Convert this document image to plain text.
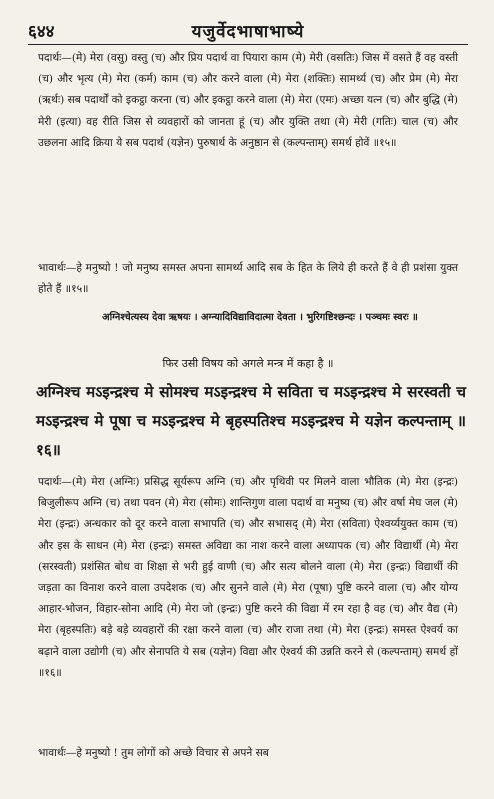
६४४	यजुर्वेदभाषाभाष्ये

पदार्थः—(मे) मेरा (वसु) वस्तु (च) और प्रिय पदार्थ वा पियारा काम (मे) मेरी (वसतिः) जिस में वसते हैं वह वस्ती (च) और भृत्य (मे) मेरा (कर्म) काम (च) और करने वाला (मे) मेरा (शक्तिः) सामर्थ्य (च) और प्रेम (मे) मेरा (ऋर्थः) सब पदार्थों को इकट्ठा करना (च) और इकट्ठा करने वाला (मे) मेरा (एमः) अच्छा यत्न (च) और बुद्धि (मे) मेरी (इत्या) वह रीति जिस से व्यवहारों को जानता हूं (च) और युक्ति तथा (मे) मेरी (गतिः) चाल (च) और उछलना आदि क्रिया ये सब पदार्थ (यज्ञेन) पुरुषार्थ के अनुष्ठान से (कल्पन्ताम्) समर्थ होवें ॥१५॥

भावार्थः—हे मनुष्यो ! जो मनुष्य समस्त अपना सामर्थ्य आदि सब के हित के लिये ही करते हैं वे ही प्रशंसा युक्त होते हैं ॥१५॥

अग्निश्चेत्यस्य देवा ऋषयः । अग्न्यादिविद्याविदात्मा देवता । भुरिगष्टिश्छन्दः । पञ्चमः स्वरः ॥
फिर उसी विषय को अगले मन्त्र में कहा है ॥
अग्निश्च मऽइन्द्रश्च मे सोमश्च मऽइन्द्रश्च मे सविता च मऽइन्द्रश्च मे सरस्वती च मऽइन्द्रश्च मे पूषा च मऽइन्द्रश्च मे बृहस्पतिश्च मऽइन्द्रश्च मे यज्ञेन कल्पन्ताम् ॥१६॥

पदार्थः—(मे) मेरा (अग्निः) प्रसिद्ध सूर्यरूप अग्नि (च) और पृथिवी पर मिलने वाला भौतिक (मे) मेरा (इन्द्रः) बिजुलीरूप अग्नि (च) तथा पवन (मे) मेरा (सोमः) शान्तिगुण वाला पदार्थ वा मनुष्य (च) और वर्षा मेघ जल (मे) मेरा (इन्द्रः) अन्धकार को दूर करने वाला सभापति (च) और सभासद् (मे) मेरा (सविता) ऐश्वर्य्ययुक्त काम (च) और इस के साधन (मे) मेरा (इन्द्रः) समस्त अविद्या का नाश करने वाला अध्यापक (च) और विद्यार्थी (मे) मेरा (सरस्वती) प्रशंसित बोध वा शिक्षा से भरी हुई वाणी (च) और सत्य बोलने वाला (मे) मेरा (इन्द्रः) विद्यार्थी की जड़ता का विनाश करने वाला उपदेशक (च) और सुनने वाले (मे) मेरा (पूषा) पुष्टि करने वाला (च) और योग्य आहार-भोजन, विहार-सोना आदि (मे) मेरा जो (इन्द्रः) पुष्टि करने की विद्या में रम रहा है वह (च) और वैद्य (मे) मेरा (बृहस्पतिः) बड़े बड़े व्यवहारों की रक्षा करने वाला (च) और राजा तथा (मे) मेरा (इन्द्रः) समस्त ऐश्वर्य का बढ़ाने वाला उद्योगी (च) और सेनापति ये सब (यज्ञेन) विद्या और ऐश्वर्य की उन्नति करने से (कल्पन्ताम्) समर्थ हों ॥१६॥

भावार्थः—हे मनुष्यो ! तुम लोगों को अच्छे विचार से अपने सब
